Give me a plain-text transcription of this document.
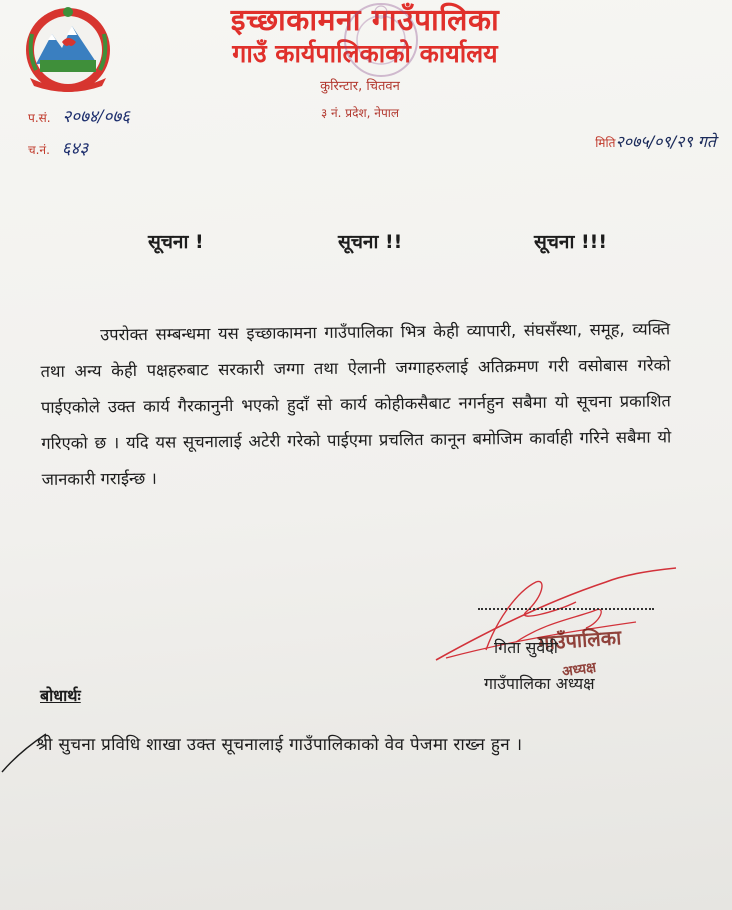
इच्छाकामना गाउँपालिका
गाउँ कार्यपालिकाको कार्यालय
कुरिन्टार, चितवन
३ नं. प्रदेश, नेपाल
प.सं. २०७४/०७६
च.नं. ६४३	मिति२०७५/०९/२९ गते
सूचना !	सूचना !!	सूचना !!!

उपरोक्त सम्बन्धमा यस इच्छाकामना गाउँपालिका भित्र केही व्यापारी, संघसँस्था, समूह, व्यक्ति तथा अन्य केही पक्षहरुबाट सरकारी जग्गा तथा ऐलानी जग्गाहरुलाई अतिक्रमण गरी वसोबास गरेको पाईएकोले उक्त कार्य गैरकानुनी भएको हुदाँ सो कार्य कोहीकसैबाट नगर्नहुन सबैमा यो सूचना प्रकाशित गरिएको छ । यदि यस सूचनालाई अटेरी गरेको पाईएमा प्रचलित कानून बमोजिम कार्वाही गरिने सबैमा यो जानकारी गराईन्छ ।

गाउँपालिका
अध्यक्ष
गिता सुवेदी
गाउँपालिका अध्यक्ष
बोधार्थः
श्री सुचना प्रविधि शाखा उक्त सूचनालाई गाउँपालिकाको वेव पेजमा राख्न हुन ।
